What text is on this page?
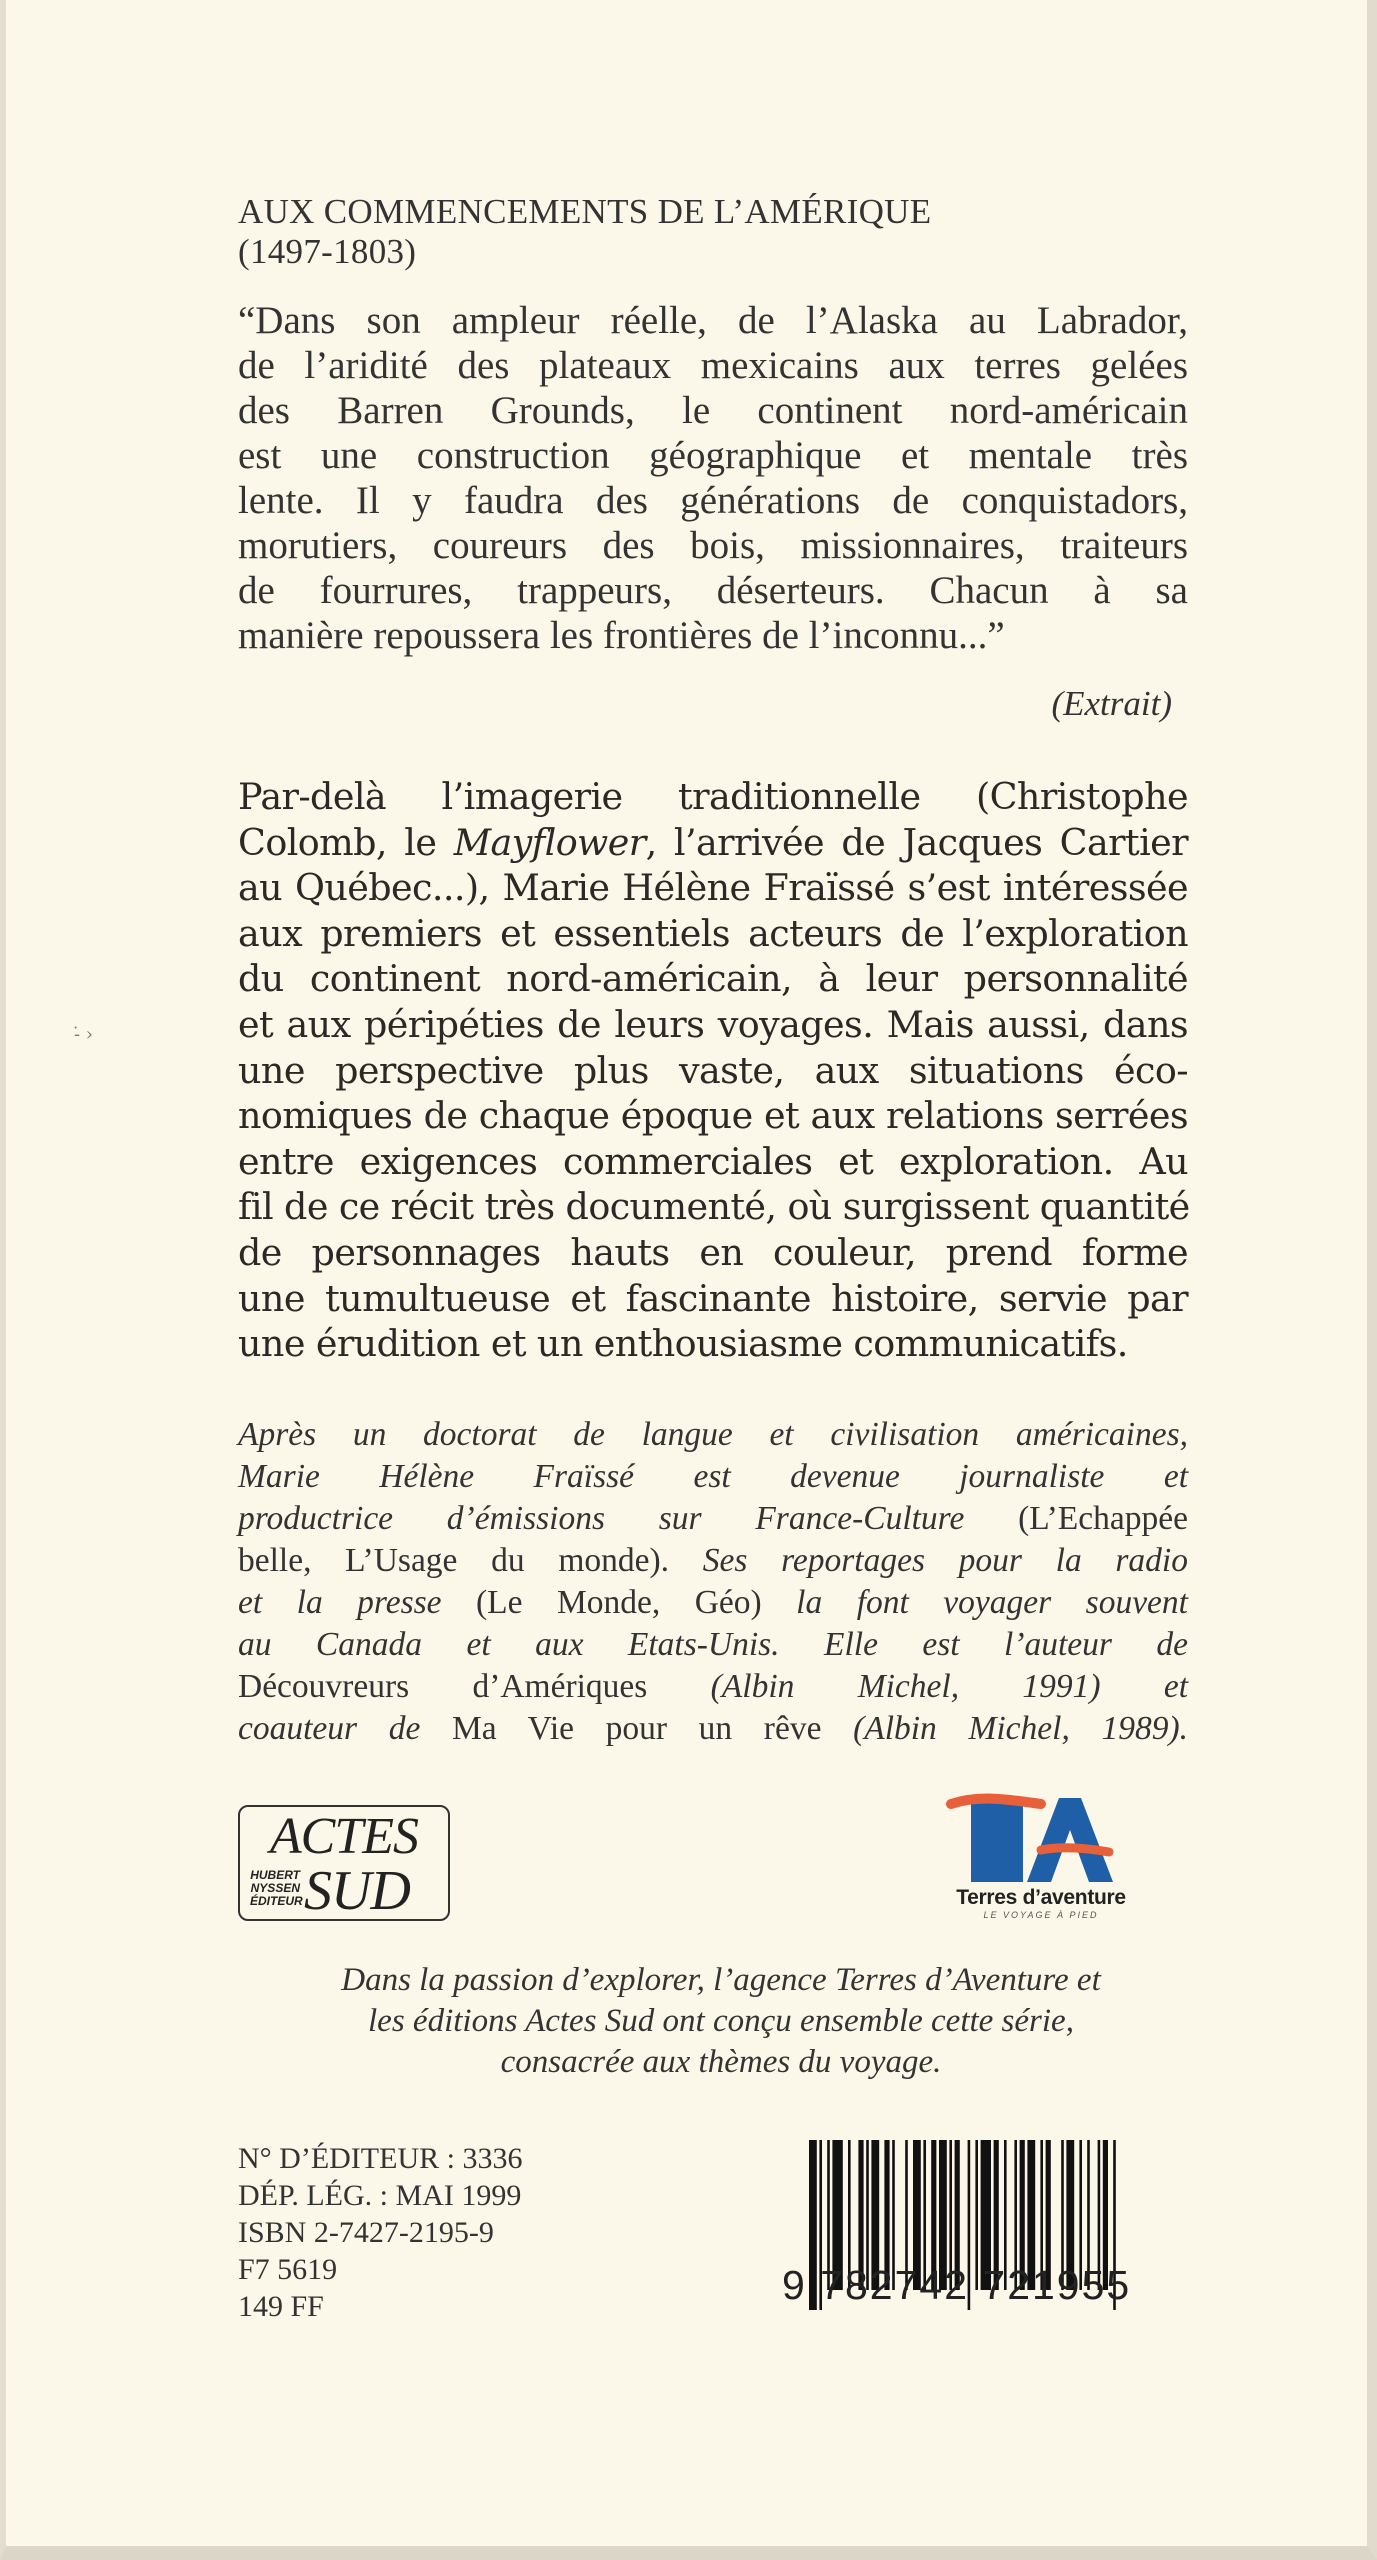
-̇ ›
AUX COMMENCEMENTS DE L’AMÉRIQUE
(1497-1803)
“Dans son ampleur réelle, de l’Alaska au Labrador,
de l’aridité des plateaux mexicains aux terres gelées
des Barren Grounds, le continent nord-américain
est une construction géographique et mentale très
lente. Il y faudra des générations de conquistadors,
morutiers, coureurs des bois, missionnaires, traiteurs
de fourrures, trappeurs, déserteurs. Chacun à sa
manière repoussera les frontières de l’inconnu...”
(Extrait)
Par-delà l’imagerie traditionnelle (Christophe
Colomb, le Mayflower, l’arrivée de Jacques Cartier
au Québec...), Marie Hélène Fraïssé s’est intéressée
aux premiers et essentiels acteurs de l’exploration
du continent nord-américain, à leur personnalité
et aux péripéties de leurs voyages. Mais aussi, dans
une perspective plus vaste, aux situations éco-
nomiques de chaque époque et aux relations serrées
entre exigences commerciales et exploration. Au
fil de ce récit très documenté, où surgissent quantité
de personnages hauts en couleur, prend forme
une tumultueuse et fascinante histoire, servie par
une érudition et un enthousiasme communicatifs.
Après un doctorat de langue et civilisation américaines,
Marie Hélène Fraïssé est devenue journaliste et
productrice d’émissions sur France-Culture (L’Echappée
belle, L’Usage du monde). Ses reportages pour la radio
et la presse (Le Monde, Géo) la font voyager souvent
au Canada et aux Etats-Unis. Elle est l’auteur de
Découvreurs d’Amériques (Albin Michel, 1991) et
coauteur de Ma Vie pour un rêve (Albin Michel, 1989).
ACTES
HUBERT
NYSSEN
ÉDITEUR SUD	Terres d’aventure
LE VOYAGE À PIED
Dans la passion d’explorer, l’agence Terres d’Aventure et
les éditions Actes Sud ont conçu ensemble cette série,
consacrée aux thèmes du voyage.
N° D’ÉDITEUR : 3336
DÉP. LÉG. : MAI 1999
ISBN 2-7427-2195-9
F7 5619
149 FF	9 782742 721955
